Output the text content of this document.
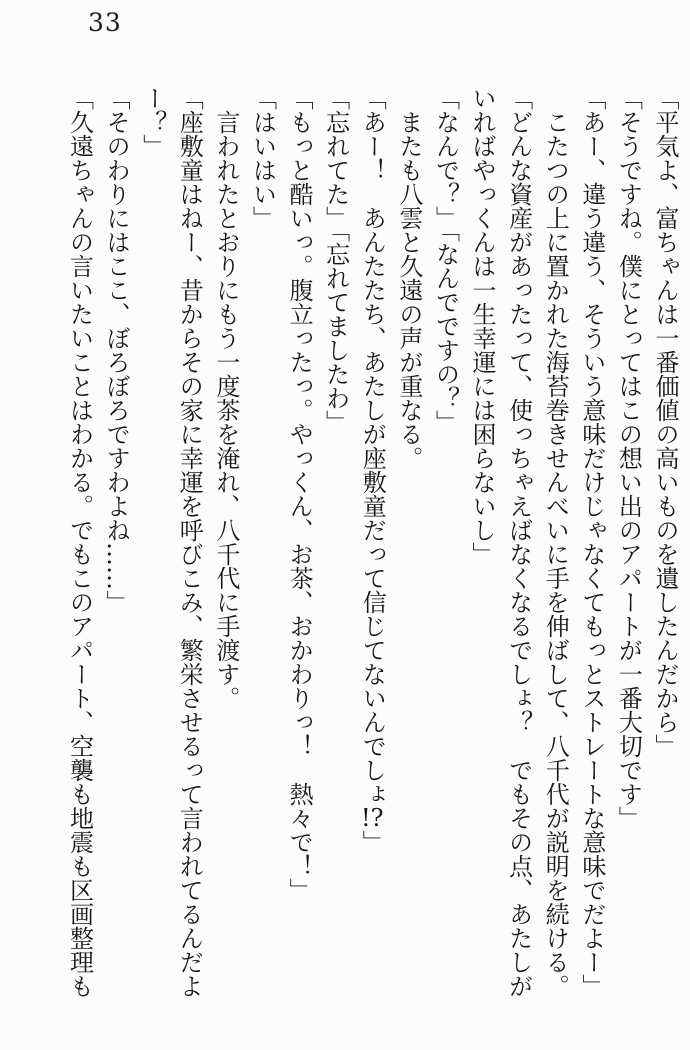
33

「平気よ、富ちゃんは一番価値の高いものを遺したんだから」

「そうですね。僕にとってはこの想い出のアパートが一番大切です」

「あー、違う違う、そういう意味だけじゃなくてもっとストレートな意味でだよー」

　こたつの上に置かれた海苔巻きせんべいに手を伸ばして、八千代が説明を続ける。

「どんな資産があったって、使っちゃえばなくなるでしょ？　でもその点、あたしが

いればやっくんは一生幸運には困らないし」

「なんで？」「なんでですの？」

　またも八雲と久遠の声が重なる。

「あー！　あんたたち、あたしが座敷童だって信じてないんでしょ!?」

「忘れてた」「忘れてましたわ」

「もっと酷いっ。腹立ったっ。やっくん、お茶、おかわりっ！　熱々で！」

「はいはい」

　言われたとおりにもう一度茶を淹れ、八千代に手渡す。

「座敷童はねー、昔からその家に幸運を呼びこみ、繁栄させるって言われてるんだよ

ー？」

「そのわりにはここ、ぼろぼろですわよね……」

「久遠ちゃんの言いたいことはわかる。でもこのアパート、空襲も地震も区画整理も
